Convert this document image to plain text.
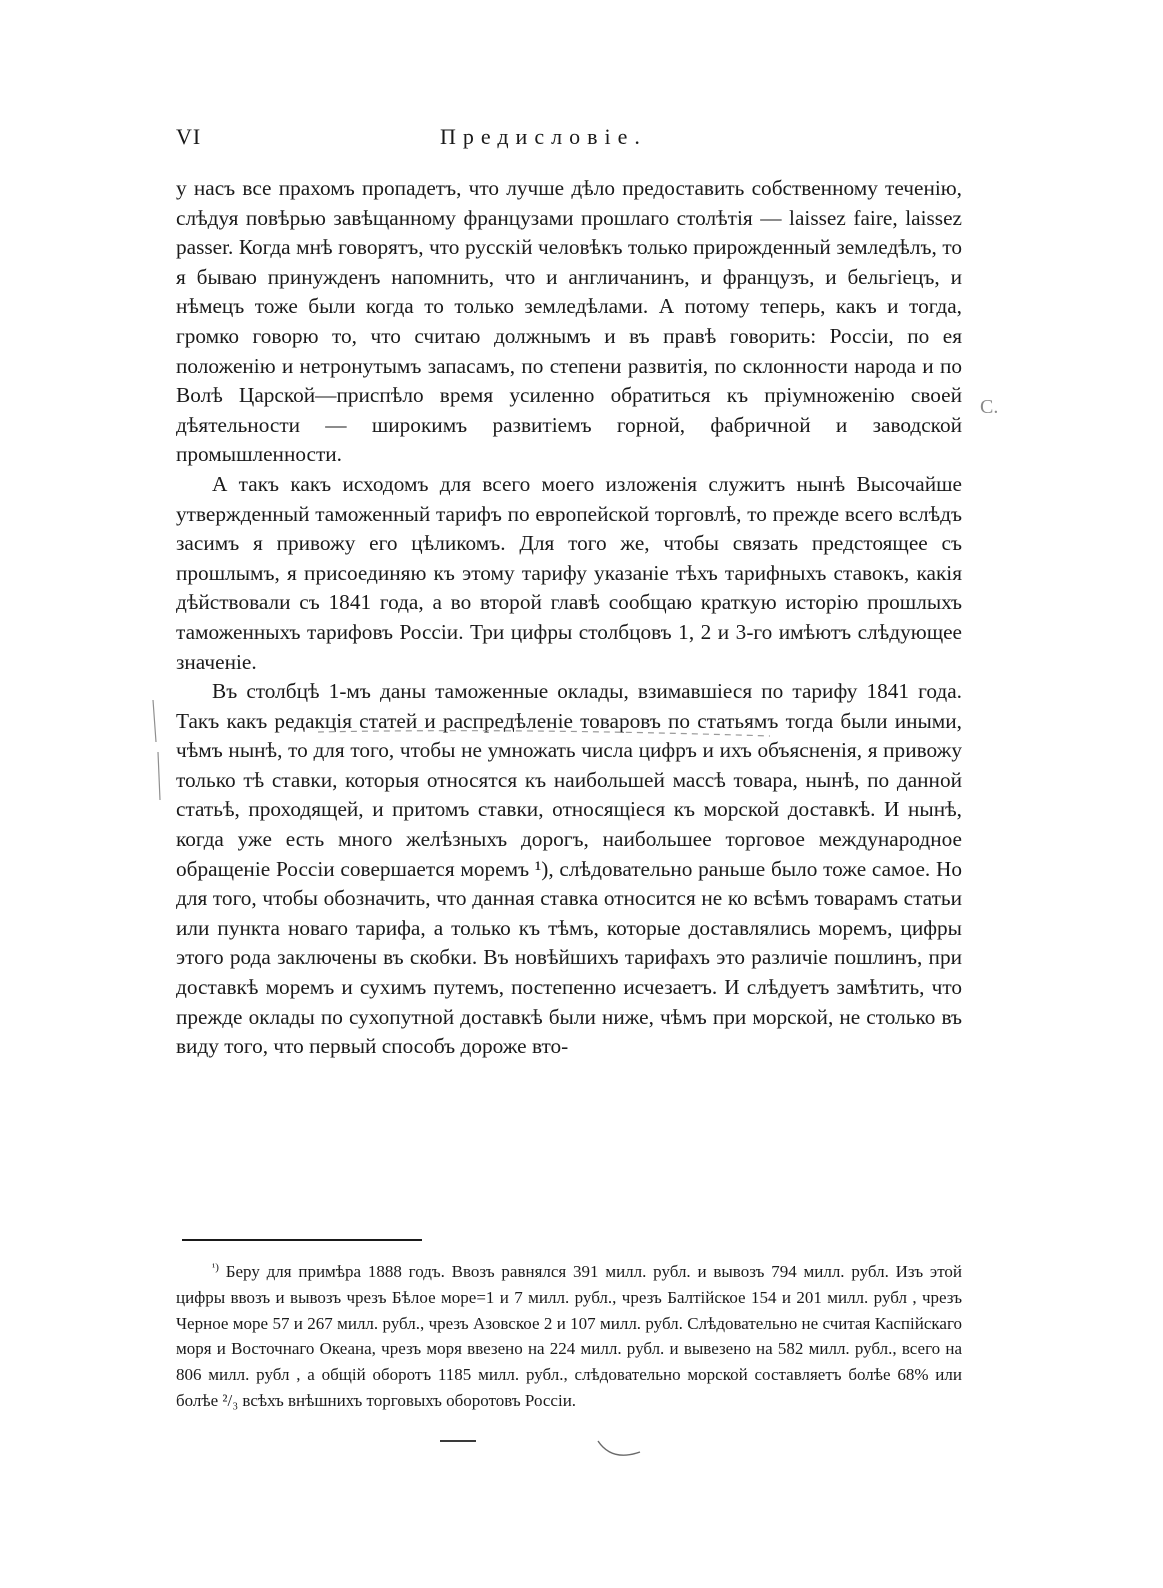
VI	Предисловіе.

у насъ все прахомъ пропадетъ, что лучше дѣло предоставить собственному теченію, слѣдуя повѣрью завѣщанному французами прошлаго столѣтія — laissez faire, laissez passer. Когда мнѣ говорятъ, что русскій человѣкъ только прирожденный земледѣлъ, то я бываю принужденъ напомнить, что и англичанинъ, и французъ, и бельгіецъ, и нѣмецъ тоже были когда то только земледѣлами. А потому теперь, какъ и тогда, громко говорю то, что считаю должнымъ и въ правѣ говорить: Россіи, по ея положенію и нетронутымъ запасамъ, по степени развитія, по склонности народа и по Волѣ Царской—приспѣло время усиленно обратиться къ пріумноженію своей дѣятельности — широкимъ развитіемъ горной, фабричной и заводской промышленности.

А такъ какъ исходомъ для всего моего изложенія служитъ нынѣ Высочайше утвержденный таможенный тарифъ по европейской торговлѣ, то прежде всего вслѣдъ засимъ я привожу его цѣликомъ. Для того же, чтобы связать предстоящее съ прошлымъ, я присоединяю къ этому тарифу указаніе тѣхъ тарифныхъ ставокъ, какія дѣйствовали съ 1841 года, а во второй главѣ сообщаю краткую исторію прошлыхъ таможенныхъ тарифовъ Россіи. Три цифры столбцовъ 1, 2 и 3-го имѣютъ слѣдующее значеніе.

Въ столбцѣ 1-мъ даны таможенные оклады, взимавшіеся по тарифу 1841 года. Такъ какъ редакція статей и распредѣленіе товаровъ по статьямъ тогда были иными, чѣмъ нынѣ, то для того, чтобы не умножать числа цифръ и ихъ объясненія, я привожу только тѣ ставки, которыя относятся къ наибольшей массѣ товара, нынѣ, по данной статьѣ, проходящей, и притомъ ставки, относящіеся къ морской доставкѣ. И нынѣ, когда уже есть много желѣзныхъ дорогъ, наибольшее торговое международное обращеніе Россіи совершается моремъ ¹), слѣдовательно раньше было тоже самое. Но для того, чтобы обозначить, что данная ставка относится не ко всѣмъ товарамъ статьи или пункта новаго тарифа, а только къ тѣмъ, которые доставлялись моремъ, цифры этого рода заключены въ скобки. Въ новѣйшихъ тарифахъ это различіе пошлинъ, при доставкѣ моремъ и сухимъ путемъ, постепенно исчезаетъ. И слѣдуетъ замѣтить, что прежде оклады по сухопутной доставкѣ были ниже, чѣмъ при морской, не столько въ виду того, что первый способъ дороже вто-

$^{^1)}$ Беру для примѣра 1888 годъ. Ввозъ равнялся 391 милл. рубл. и вывозъ 794 милл. рубл. Изъ этой цифры ввозъ и вывозъ чрезъ Бѣлое море=1 и 7 милл. рубл., чрезъ Балтійское 154 и 201 милл. рубл , чрезъ Черное море 57 и 267 милл. рубл., чрезъ Азовское 2 и 107 милл. рубл. Слѣдовательно не считая Каспійскаго моря и Восточнаго Океана, чрезъ моря ввезено на 224 милл. рубл. и вывезено на 582 милл. рубл., всего на 806 милл. рубл , а общій оборотъ 1185 милл. рубл., слѣдовательно морской составляетъ болѣе 68% или болѣе ²/₃ всѣхъ внѣшнихъ торговыхъ оборотовъ Россіи.

С.
